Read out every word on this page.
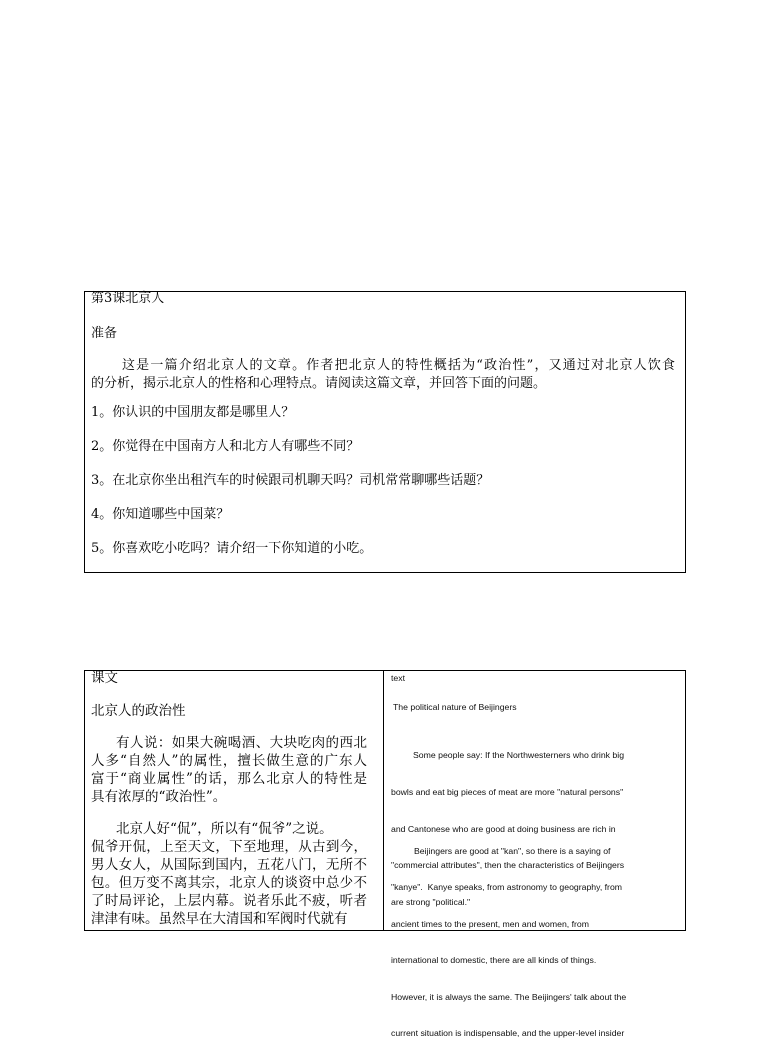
第3课北京人
准备
这是一篇介绍北京人的文章。作者把北京人的特性概括为“政治性”，又通过对北京人饮食
的分析，揭示北京人的性格和心理特点。请阅读这篇文章，并回答下面的问题。
1。你认识的中国朋友都是哪里人？
2。你觉得在中国南方人和北方人有哪些不同？
3。在北京你坐出租汽车的时候跟司机聊天吗？司机常常聊哪些话题？
4。你知道哪些中国菜？
5。你喜欢吃小吃吗？请介绍一下你知道的小吃。
课文
北京人的政治性
有人说：如果大碗喝酒、大块吃肉的西北
人多“自然人”的属性，擅长做生意的广东人
富于“商业属性”的话，那么北京人的特性是
具有浓厚的“政治性”。
北京人好“侃”，所以有“侃爷”之说。
侃爷开侃，上至天文，下至地理，从古到今，
男人女人，从国际到国内，五花八门，无所不
包。但万变不离其宗，北京人的谈资中总少不
了时局评论，上层内幕。说者乐此不疲，听者
津津有味。虽然早在大清国和军阀时代就有
text
The political nature of Beijingers

Some people say: If the Northwesterners who drink big

bowls and eat big pieces of meat are more "natural persons"

and Cantonese who are good at doing business are rich in

"commercial attributes", then the characteristics of Beijingers

are strong "political."

Beijingers are good at "kan", so there is a saying of

"kanye".  Kanye speaks, from astronomy to geography, from

ancient times to the present, men and women, from

international to domestic, there are all kinds of things.

However, it is always the same. The Beijingers' talk about the

current situation is indispensable, and the upper-level insider
